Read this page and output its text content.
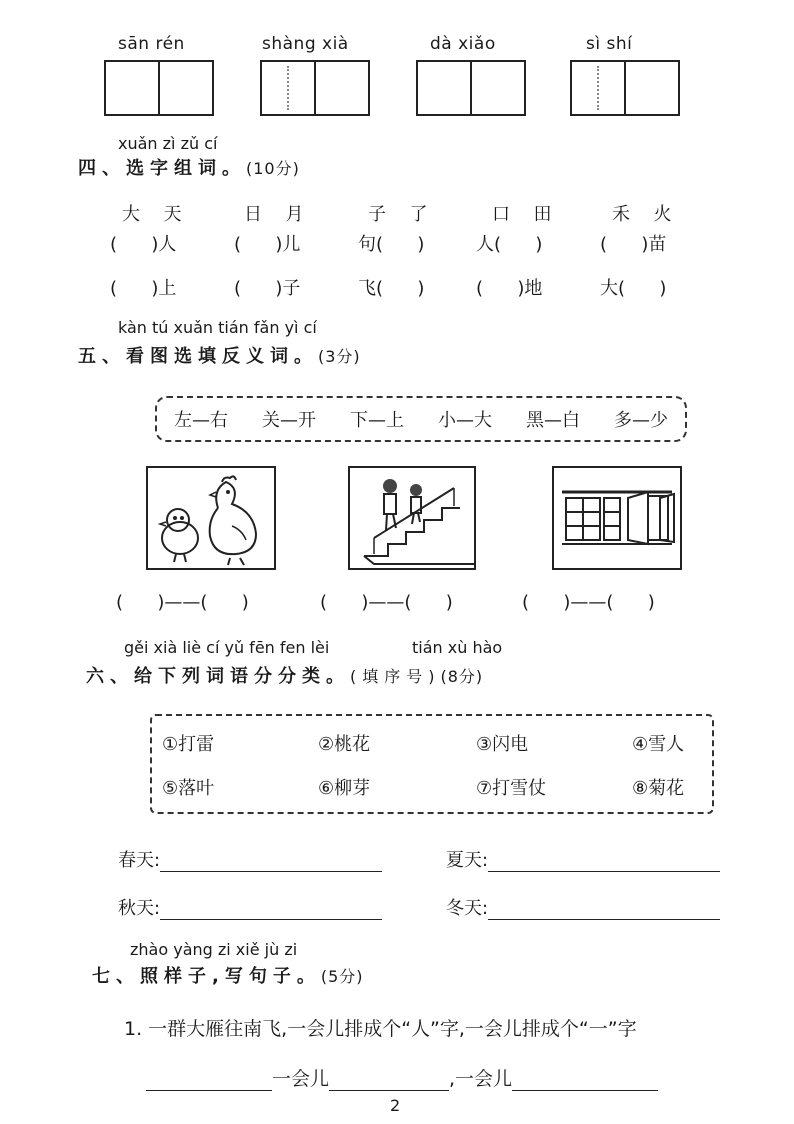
sān rén	shàng xià	dà xiǎo	sì shí
xuǎn zì zǔ cí
四、选字组词。(10分)
大  天	日  月	子  了	口  田	禾  火
(      )人	(      )儿	句(      )	人(      )	(      )苗
(      )上	(      )子	飞(      )	(      )地	大(      )
kàn tú xuǎn tián fǎn yì cí
五、看图选填反义词。(3分)
左—右 关—开 下—上 小—大 黑—白 多—少
(      )——(      )	(      )——(      )	(      )——(      )
gěi xià liè cí yǔ fēn fen lèi	tián xù hào
六、给下列词语分分类。(填序号)(8分)
①打雷	②桃花	③闪电	④雪人
⑤落叶	⑥柳芽	⑦打雪仗	⑧菊花
春天:	夏天:
秋天:	冬天:
zhào yàng zi xiě jù zi
七、照样子,写句子。(5分)
1. 一群大雁往南飞,一会儿排成个“人”字,一会儿排成个“一”字
一会儿	,一会儿
2
